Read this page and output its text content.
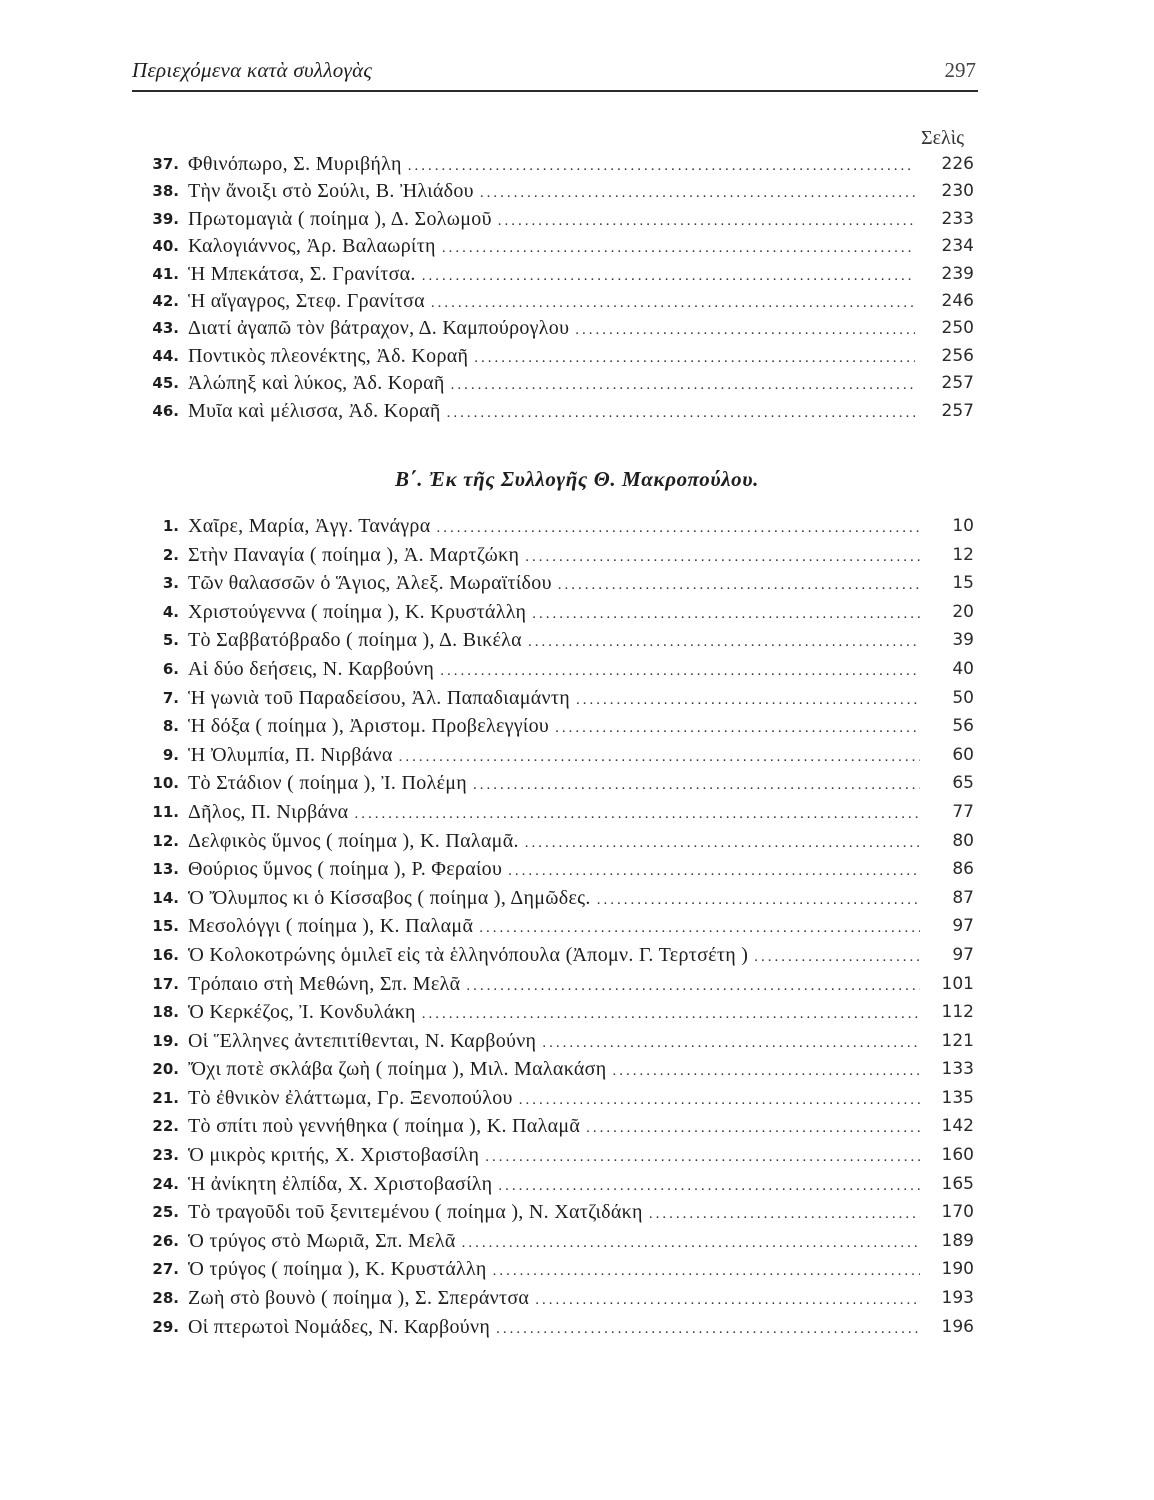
Περιεχόμενα κατὰ συλλογὰς	297
Σελὶς
37. Φθινόπωρο, Σ. Μυριβήλη .....	226
38. Τὴν ἄνοιξι στὸ Σούλι, Β. Ἠλιάδου .....	230
39. Πρωτομαγιὰ ( ποίημα ), Δ. Σολωμοῦ .....	233
40. Καλογιάννος, Ἀρ. Βαλαωρίτη .....	234
41. Ἡ Μπεκάτσα, Σ. Γρανίτσα. .....	239
42. Ἡ αἴγαγρος, Στεφ. Γρανίτσα .....	246
43. Διατί ἀγαπῶ τὸν βάτραχον, Δ. Καμπούρογλου .....	250
44. Ποντικὸς πλεονέκτης, Ἀδ. Κοραῆ .....	256
45. Ἀλώπηξ καὶ λύκος, Ἀδ. Κοραῆ .....	257
46. Μυῖα καὶ μέλισσα, Ἀδ. Κοραῆ .....	257
Β΄. Ἐκ τῆς Συλλογῆς Θ. Μακροπούλου.
1. Χαῖρε, Μαρία, Ἀγγ. Τανάγρα .....	10
2. Στὴν Παναγία ( ποίημα ), Ἀ. Μαρτζώκη .....	12
3. Τῶν θαλασσῶν ὁ Ἅγιος, Ἀλεξ. Μωραϊτίδου .....	15
4. Χριστούγεννα ( ποίημα ), Κ. Κρυστάλλη .....	20
5. Τὸ Σαββατόβραδο ( ποίημα ), Δ. Βικέλα .....	39
6. Αἱ δύο δεήσεις, Ν. Καρβούνη .....	40
7. Ἡ γωνιὰ τοῦ Παραδείσου, Ἀλ. Παπαδιαμάντη .....	50
8. Ἡ δόξα ( ποίημα ), Ἀριστομ. Προβελεγγίου .....	56
9. Ἡ Ὀλυμπία, Π. Νιρβάνα .....	60
10. Τὸ Στάδιον ( ποίημα ), Ἰ. Πολέμη .....	65
11. Δῆλος, Π. Νιρβάνα .....	77
12. Δελφικὸς ὕμνος ( ποίημα ), Κ. Παλαμᾶ. .....	80
13. Θούριος ὕμνος ( ποίημα ), Ρ. Φεραίου .....	86
14. Ὁ Ὄλυμπος κι ὁ Κίσσαβος ( ποίημα ), Δημῶδες. .....	87
15. Μεσολόγγι ( ποίημα ), Κ. Παλαμᾶ .....	97
16. Ὁ Κολοκοτρώνης ὁμιλεῖ εἰς τὰ ἑλληνόπουλα (Ἀπομν. Γ. Τερτσέτη ) .....	97
17. Τρόπαιο στὴ Μεθώνη, Σπ. Μελᾶ .....	101
18. Ὁ Κερκέζος, Ἰ. Κονδυλάκη .....	112
19. Οἱ Ἕλληνες ἀντεπιτίθενται, Ν. Καρβούνη .....	121
20. Ὄχι ποτὲ σκλάβα ζωὴ ( ποίημα ), Μιλ. Μαλακάση .....	133
21. Τὸ ἐθνικὸν ἐλάττωμα, Γρ. Ξενοπούλου .....	135
22. Τὸ σπίτι ποὺ γεννήθηκα ( ποίημα ), Κ. Παλαμᾶ .....	142
23. Ὁ μικρὸς κριτής, Χ. Χριστοβασίλη .....	160
24. Ἡ ἀνίκητη ἐλπίδα, Χ. Χριστοβασίλη .....	165
25. Τὸ τραγοῦδι τοῦ ξενιτεμένου ( ποίημα ), Ν. Χατζιδάκη .....	170
26. Ὁ τρύγος στὸ Μωριᾶ, Σπ. Μελᾶ .....	189
27. Ὁ τρύγος ( ποίημα ), Κ. Κρυστάλλη .....	190
28. Ζωὴ στὸ βουνὸ ( ποίημα ), Σ. Σπεράντσα .....	193
29. Οἱ πτερωτοὶ Νομάδες, Ν. Καρβούνη .....	196
